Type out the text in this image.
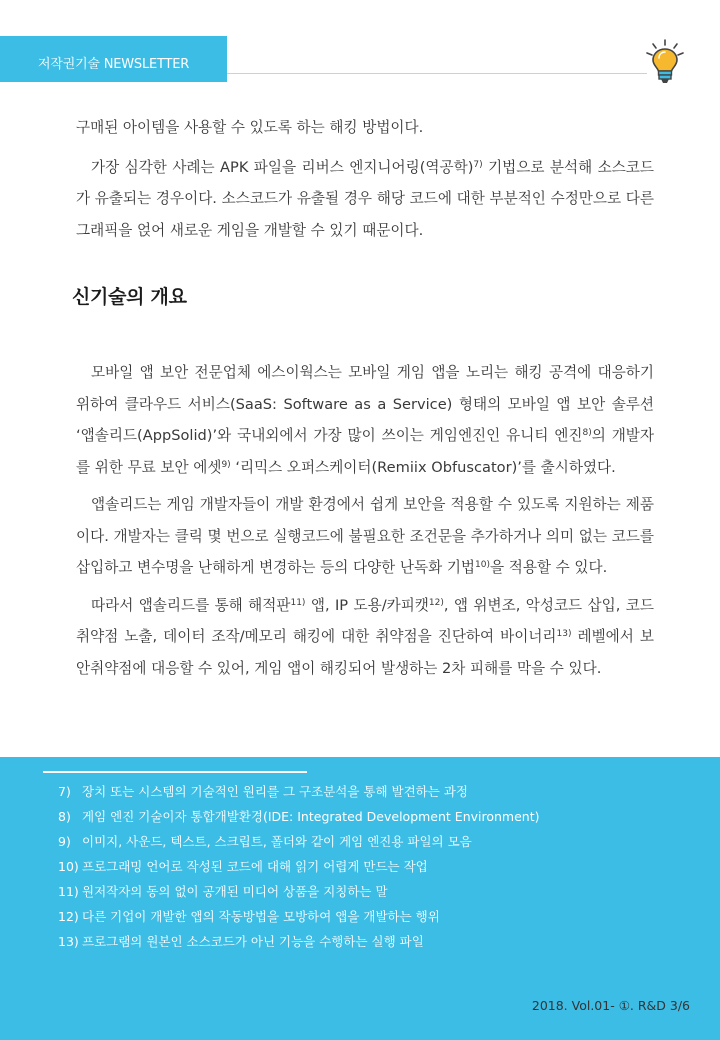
저작권기술 NEWSLETTER

구매된 아이템을 사용할 수 있도록 하는 해킹 방법이다.

가장 심각한 사례는 APK 파일을 리버스 엔지니어링(역공학)$^{7)}$ 기법으로 분석해 소스코드가 유출되는 경우이다. 소스코드가 유출될 경우 해당 코드에 대한 부분적인 수정만으로 다른 그래픽을 얹어 새로운 게임을 개발할 수 있기 때문이다.

신기술의 개요

모바일 앱 보안 전문업체 에스이웍스는 모바일 게임 앱을 노리는 해킹 공격에 대응하기 위하여 클라우드 서비스(SaaS: Software as a Service) 형태의 모바일 앱 보안 솔루션 ‘앱솔리드(AppSolid)’와 국내외에서 가장 많이 쓰이는 게임엔진인 유니티 엔진$^{8)}$의 개발자를 위한 무료 보안 에셋$^{9)}$ ‘리믹스 오퍼스케이터(Remiix Obfuscator)’를 출시하였다.

앱솔리드는 게임 개발자들이 개발 환경에서 쉽게 보안을 적용할 수 있도록 지원하는 제품이다. 개발자는 클릭 몇 번으로 실행코드에 불필요한 조건문을 추가하거나 의미 없는 코드를 삽입하고 변수명을 난해하게 변경하는 등의 다양한 난독화 기법$^{10)}$을 적용할 수 있다.

따라서 앱솔리드를 통해 해적판$^{11)}$ 앱, IP 도용/카피캣$^{12)}$, 앱 위변조, 악성코드 삽입, 코드 취약점 노출, 데이터 조작/메모리 해킹에 대한 취약점을 진단하여 바이너리$^{13)}$ 레벨에서 보안취약점에 대응할 수 있어, 게임 앱이 해킹되어 발생하는 2차 피해를 막을 수 있다.

7) 장치 또는 시스템의 기술적인 원리를 그 구조분석을 통해 발견하는 과정
8) 게임 엔진 기술이자 통합개발환경(IDE: Integrated Development Environment)
9) 이미지, 사운드, 텍스트, 스크립트, 폴더와 같이 게임 엔진용 파일의 모음
10) 프로그래밍 언어로 작성된 코드에 대해 읽기 어렵게 만드는 작업
11) 원저작자의 동의 없이 공개된 미디어 상품을 지칭하는 말
12) 다른 기업이 개발한 앱의 작동방법을 모방하여 앱을 개발하는 행위
13) 프로그램의 원본인 소스코드가 아닌 기능을 수행하는 실행 파일
2018. Vol.01- ①. R&D 3/6
